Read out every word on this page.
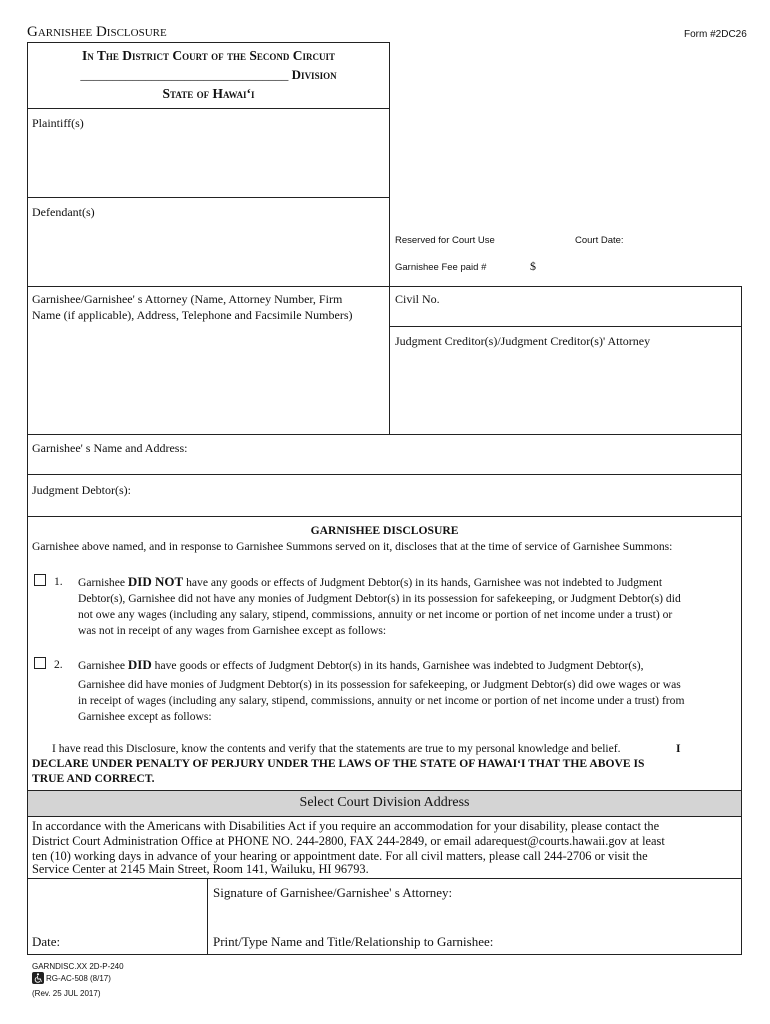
Garnishee Disclosure	Form #2DC26
In The District Court of the Second Circuit
________________________________ Division
State of Hawai‘i
Plaintiff(s)
Defendant(s)
Reserved for Court Use	Court Date:
Garnishee Fee paid #	$
Garnishee/Garnishee' s Attorney (Name, Attorney Number, Firm
Name (if applicable), Address, Telephone and Facsimile Numbers)
Civil No.
Judgment Creditor(s)/Judgment Creditor(s)' Attorney
Garnishee' s Name and Address:
Judgment Debtor(s):
GARNISHEE DISCLOSURE
Garnishee above named, and in response to Garnishee Summons served on it, discloses that at the time of service of Garnishee Summons:
1. Garnishee DID NOT have any goods or effects of Judgment Debtor(s) in its hands, Garnishee was not indebted to Judgment
Debtor(s), Garnishee did not have any monies of Judgment Debtor(s) in its possession for safekeeping, or Judgment Debtor(s) did
not owe any wages (including any salary, stipend, commissions, annuity or net income or portion of net income under a trust) or
was not in receipt of any wages from Garnishee except as follows:
2. Garnishee DID have goods or effects of Judgment Debtor(s) in its hands, Garnishee was indebted to Judgment Debtor(s),
Garnishee did have monies of Judgment Debtor(s) in its possession for safekeeping, or Judgment Debtor(s) did owe wages or was
in receipt of wages (including any salary, stipend, commissions, annuity or net income or portion of net income under a trust) from
Garnishee except as follows:
I have read this Disclosure, know the contents and verify that the statements are true to my personal knowledge and belief.	I
DECLARE UNDER PENALTY OF PERJURY UNDER THE LAWS OF THE STATE OF HAWAI‘I THAT THE ABOVE IS
TRUE AND CORRECT.
Select Court Division Address
In accordance with the Americans with Disabilities Act if you require an accommodation for your disability, please contact the
District Court Administration Office at PHONE NO. 244-2800, FAX 244-2849, or email adarequest@courts.hawaii.gov at least
ten (10) working days in advance of your hearing or appointment date. For all civil matters, please call 244-2706 or visit the
Service Center at 2145 Main Street, Room 141, Wailuku, HI 96793.
Signature of Garnishee/Garnishee' s Attorney:
Date:	Print/Type Name and Title/Relationship to Garnishee:
GARNDISC.XX 2D-P-240
RG-AC-508 (8/17)
(Rev. 25 JUL 2017)
